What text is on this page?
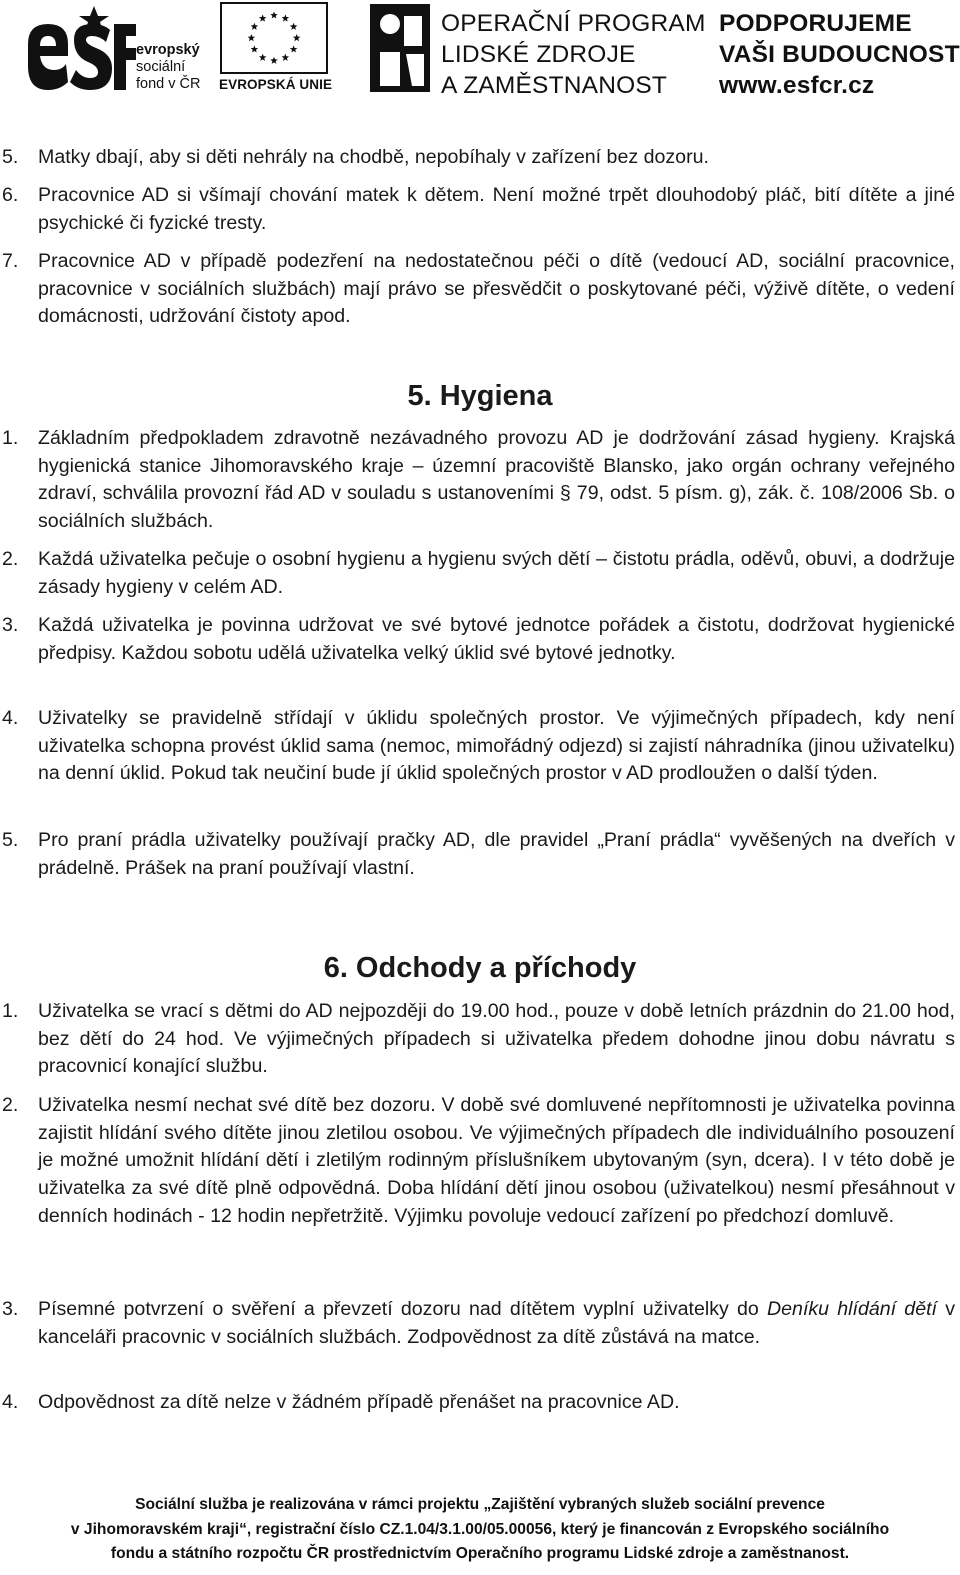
evropský
sociální
fond v ČR EVROPSKÁ UNIE
OPERAČNÍ PROGRAM
LIDSKÉ ZDROJE
A ZAMĚSTNANOST
PODPORUJEME
VAŠI BUDOUCNOST
www.esfcr.cz
5. Matky dbají, aby si děti nehrály na chodbě, nepobíhaly v zařízení bez dozoru.

6. Pracovnice AD si všímají chování matek k dětem. Není možné trpět dlouhodobý pláč, bití dítěte a jiné psychické či fyzické tresty.

7. Pracovnice AD v případě podezření na nedostatečnou péči o dítě (vedoucí AD, sociální pracovnice, pracovnice v sociálních službách) mají právo se přesvědčit o poskytované péči, výživě dítěte, o vedení domácnosti, udržování čistoty apod.

5. Hygiena
1. Základním předpokladem zdravotně nezávadného provozu AD je dodržování zásad hygieny. Krajská hygienická stanice Jihomoravského kraje – územní pracoviště Blansko, jako orgán ochrany veřejného zdraví, schválila provozní řád AD v souladu s ustanoveními § 79, odst. 5 písm. g), zák. č. 108/2006 Sb. o sociálních službách.

2. Každá uživatelka pečuje o osobní hygienu a hygienu svých dětí – čistotu prádla, oděvů, obuvi, a dodržuje zásady hygieny v celém AD.

3. Každá uživatelka je povinna udržovat ve své bytové jednotce pořádek a čistotu, dodržovat hygienické předpisy. Každou sobotu udělá uživatelka velký úklid své bytové jednotky.

4. Uživatelky se pravidelně střídají v úklidu společných prostor. Ve výjimečných případech, kdy není uživatelka schopna provést úklid sama (nemoc, mimořádný odjezd) si zajistí náhradníka (jinou uživatelku) na denní úklid. Pokud tak neučiní bude jí úklid společných prostor v AD prodloužen o další týden.

5. Pro praní prádla uživatelky používají pračky AD, dle pravidel „Praní prádla“ vyvěšených na dveřích v prádelně. Prášek na praní používají vlastní.

6. Odchody a příchody
1. Uživatelka se vrací s dětmi do AD nejpozději do 19.00 hod., pouze v době letních prázdnin do 21.00 hod, bez dětí do 24 hod. Ve výjimečných případech si uživatelka předem dohodne jinou dobu návratu s pracovnicí konající službu.

2. Uživatelka nesmí nechat své dítě bez dozoru. V době své domluvené nepřítomnosti je uživatelka povinna zajistit hlídání svého dítěte jinou zletilou osobou. Ve výjimečných případech dle individuálního posouzení je možné umožnit hlídání dětí i zletilým rodinným příslušníkem ubytovaným (syn, dcera). I v této době je uživatelka za své dítě plně odpovědná. Doba hlídání dětí jinou osobou (uživatelkou) nesmí přesáhnout v denních hodinách - 12 hodin nepřetržitě. Výjimku povoluje vedoucí zařízení po předchozí domluvě.

3. Písemné potvrzení o svěření a převzetí dozoru nad dítětem vyplní uživatelky do Deníku hlídání dětí v kanceláři pracovnic v sociálních službách. Zodpovědnost za dítě zůstává na matce.

4. Odpovědnost za dítě nelze v žádném případě přenášet na pracovnice AD.

Sociální služba je realizována v rámci projektu „Zajištění vybraných služeb sociální prevence
v Jihomoravském kraji“, registrační číslo CZ.1.04/3.1.00/05.00056, který je financován z Evropského sociálního
fondu a státního rozpočtu ČR prostřednictvím Operačního programu Lidské zdroje a zaměstnanost.
